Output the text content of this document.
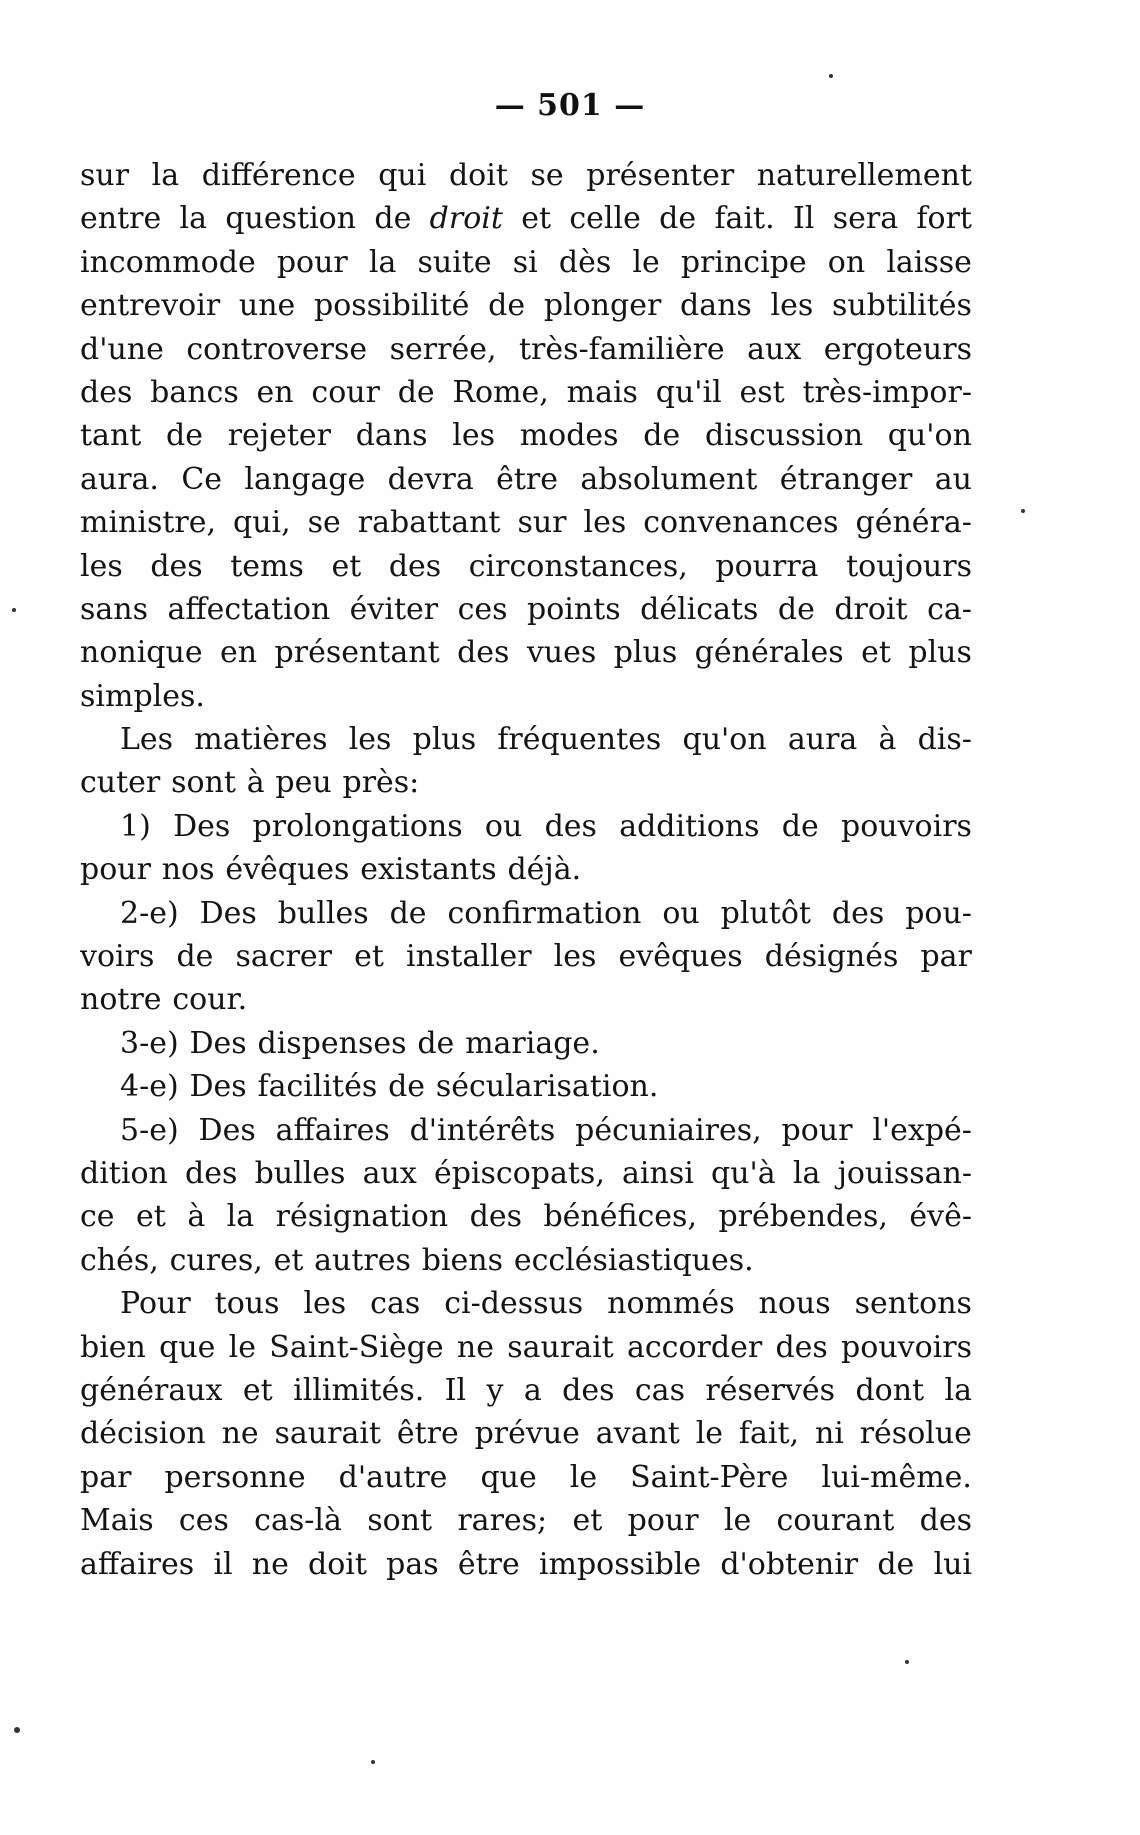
— 501 —
sur la différence qui doit se présenter naturellement
entre la question de droit et celle de fait. Il sera fort
incommode pour la suite si dès le principe on laisse
entrevoir une possibilité de plonger dans les subtilités
d'une controverse serrée, très-familière aux ergoteurs
des bancs en cour de Rome, mais qu'il est très-impor-
tant de rejeter dans les modes de discussion qu'on
aura. Ce langage devra être absolument étranger au
ministre, qui, se rabattant sur les convenances généra-
les des tems et des circonstances, pourra toujours
sans affectation éviter ces points délicats de droit ca-
nonique en présentant des vues plus générales et plus
simples.
Les matières les plus fréquentes qu'on aura à dis-
cuter sont à peu près:
1) Des prolongations ou des additions de pouvoirs
pour nos évêques existants déjà.
2-e) Des bulles de confirmation ou plutôt des pou-
voirs de sacrer et installer les evêques désignés par
notre cour.
3-e) Des dispenses de mariage.
4-e) Des facilités de sécularisation.
5-e) Des affaires d'intérêts pécuniaires, pour l'expé-
dition des bulles aux épiscopats, ainsi qu'à la jouissan-
ce et à la résignation des bénéfices, prébendes, évê-
chés, cures, et autres biens ecclésiastiques.
Pour tous les cas ci-dessus nommés nous sentons
bien que le Saint-Siège ne saurait accorder des pouvoirs
généraux et illimités. Il y a des cas réservés dont la
décision ne saurait être prévue avant le fait, ni résolue
par personne d'autre que le Saint-Père lui-même.
Mais ces cas-là sont rares; et pour le courant des
affaires il ne doit pas être impossible d'obtenir de lui
